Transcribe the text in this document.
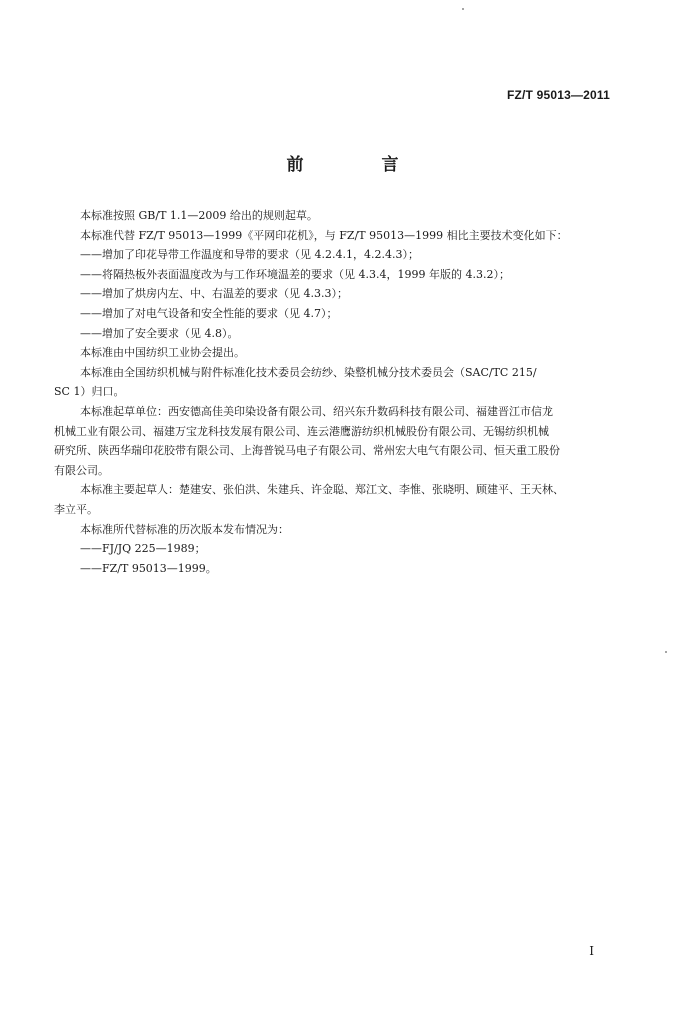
FZ/T 95013—2011
前 言
本标准按照 GB/T 1.1—2009 给出的规则起草。
本标准代替 FZ/T 95013—1999《平网印花机》，与 FZ/T 95013—1999 相比主要技术变化如下：
——增加了印花导带工作温度和导带的要求（见 4.2.4.1，4.2.4.3）；
——将隔热板外表面温度改为与工作环境温差的要求（见 4.3.4，1999 年版的 4.3.2）；
——增加了烘房内左、中、右温差的要求（见 4.3.3）；
——增加了对电气设备和安全性能的要求（见 4.7）；
——增加了安全要求（见 4.8）。
本标准由中国纺织工业协会提出。
本标准由全国纺织机械与附件标准化技术委员会纺纱、染整机械分技术委员会（SAC/TC 215/
SC 1）归口。
本标准起草单位：西安德高佳美印染设备有限公司、绍兴东升数码科技有限公司、福建晋江市信龙
机械工业有限公司、福建万宝龙科技发展有限公司、连云港鹰游纺织机械股份有限公司、无锡纺织机械
研究所、陕西华瑞印花胶带有限公司、上海普锐马电子有限公司、常州宏大电气有限公司、恒天重工股份
有限公司。
本标准主要起草人：楚建安、张伯洪、朱建兵、许金聪、郑江文、李惟、张晓明、顾建平、王天林、
李立平。
本标准所代替标准的历次版本发布情况为：
——FJ/JQ 225—1989；
——FZ/T 95013—1999。
I
